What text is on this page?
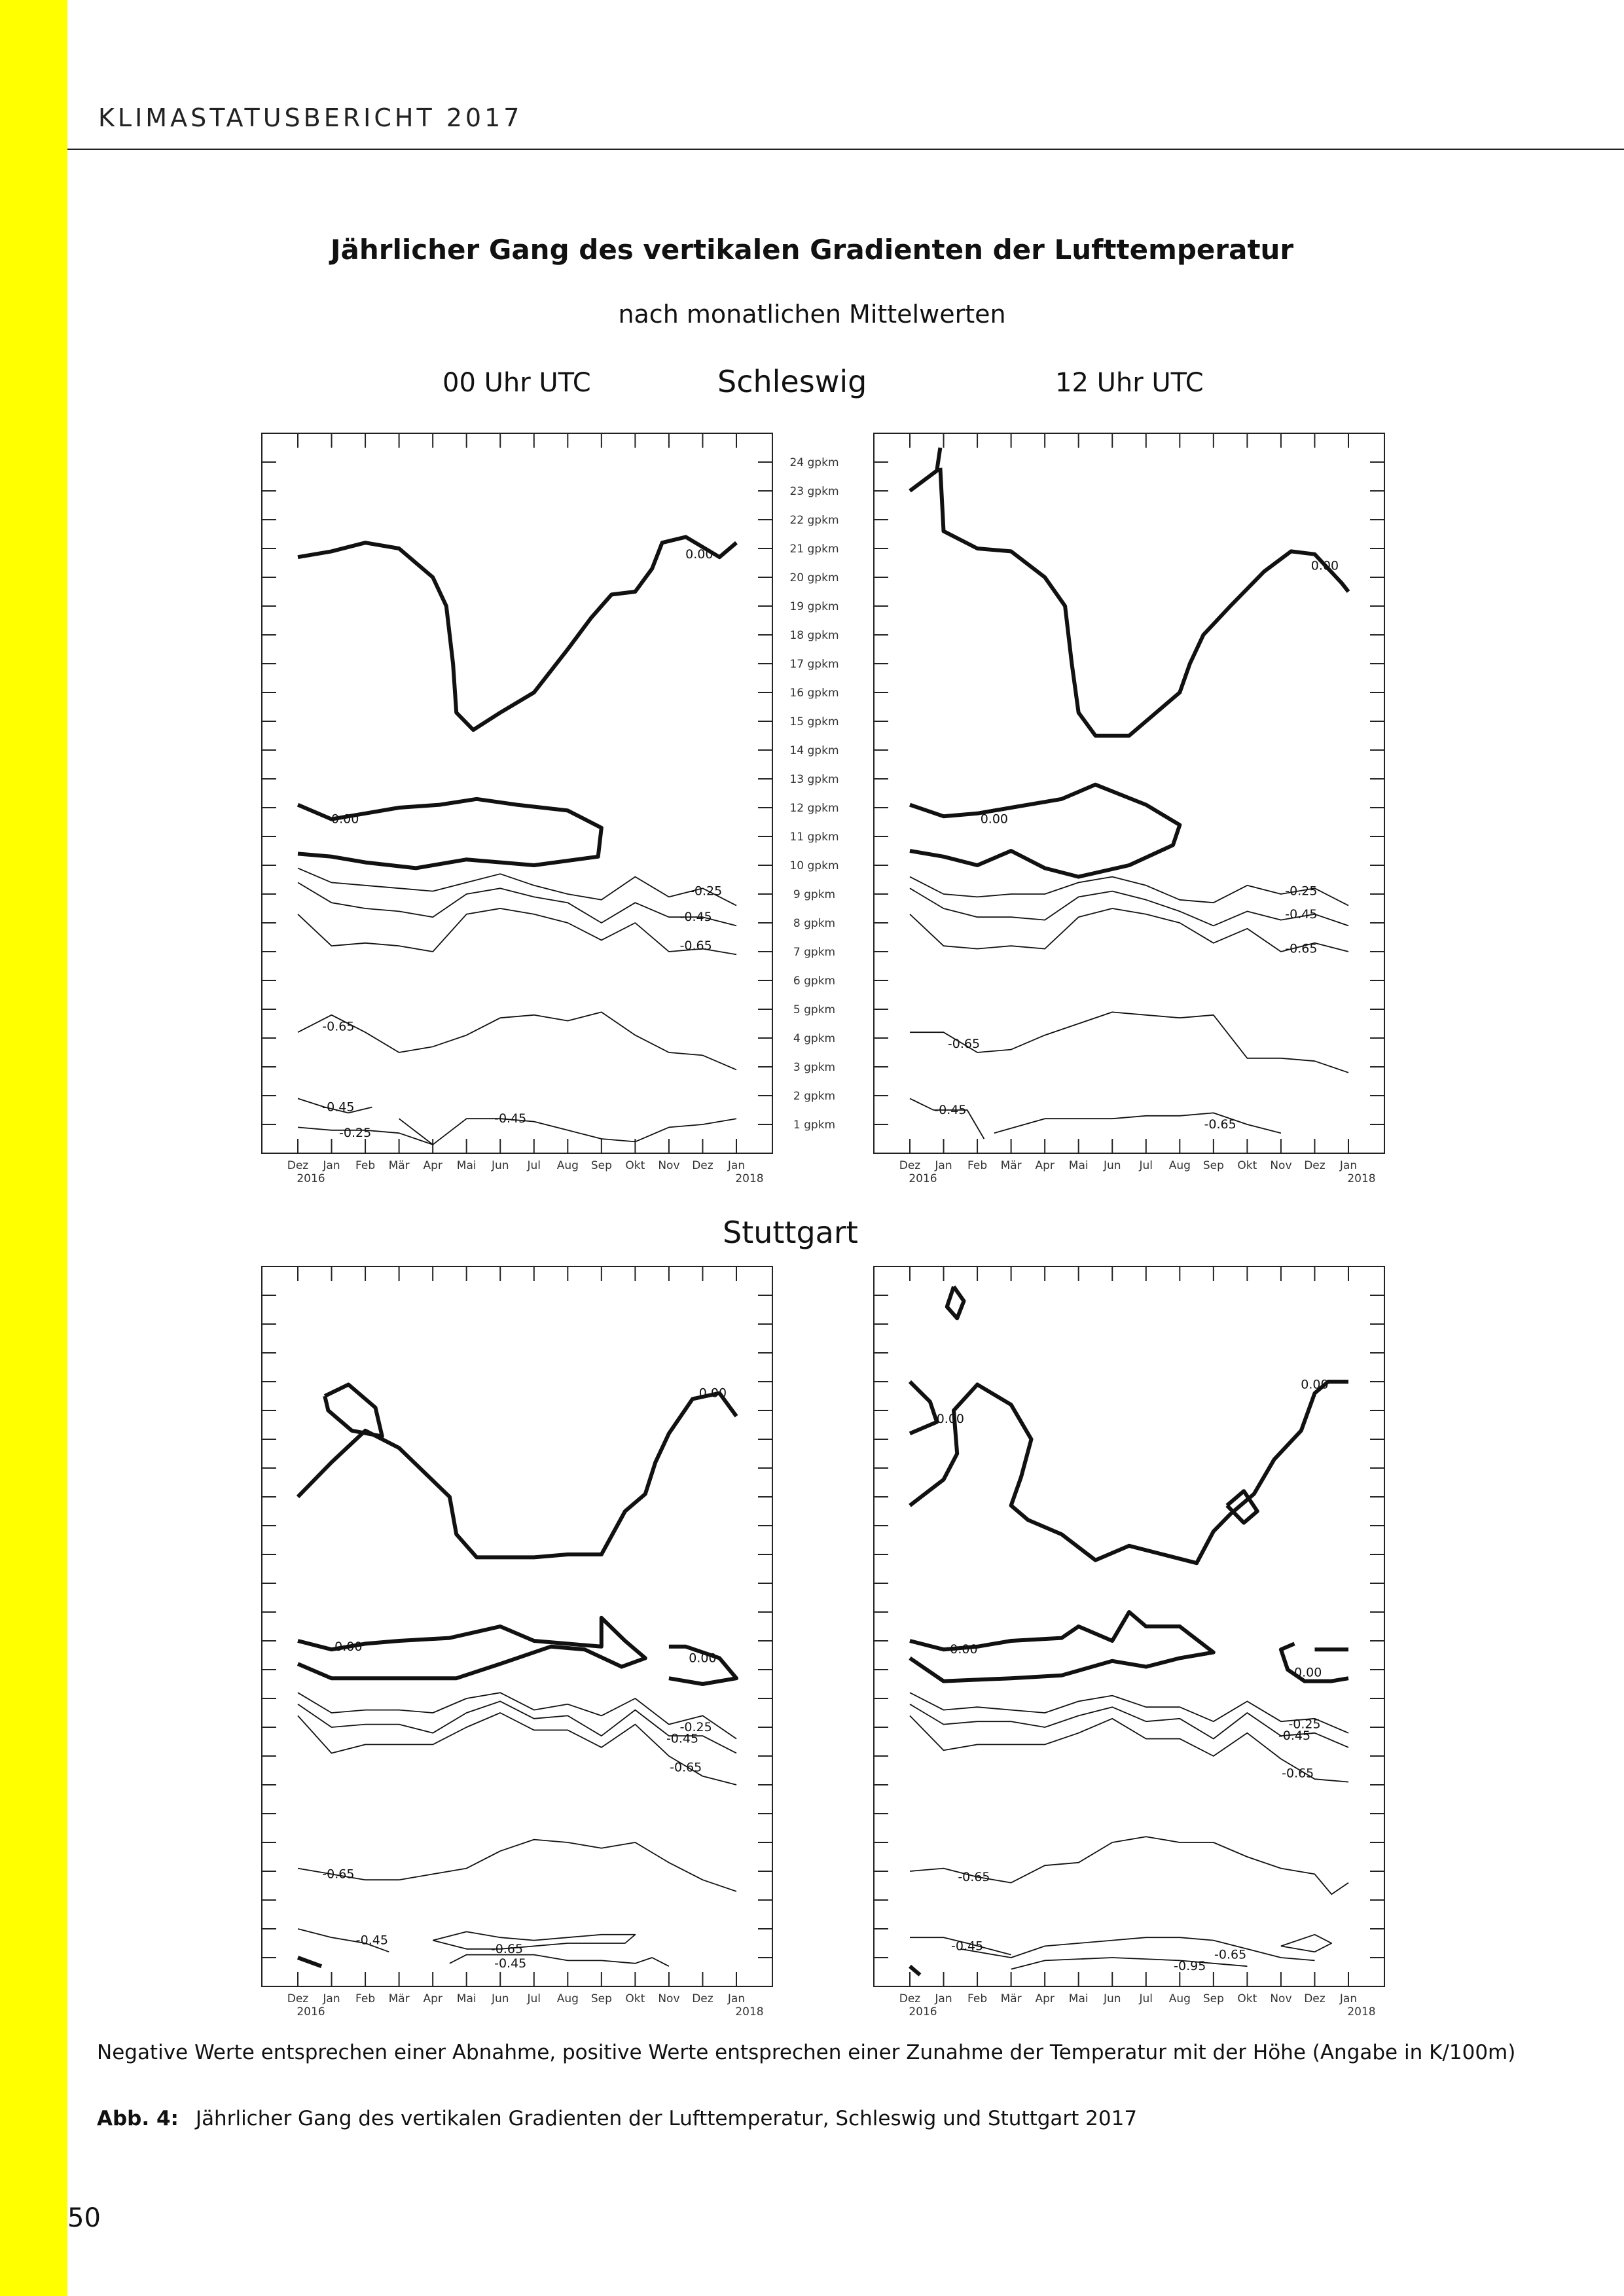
KLIMASTATUSBERICHT 2017
Jährlicher Gang des vertikalen Gradienten der Lufttemperatur
nach monatlichen Mittelwerten
00 Uhr UTC	Schleswig	12 Uhr UTC
Stuttgart
Dez Jan Feb Mär Apr Mai Jun Jul Aug Sep Okt Nov Dez Jan
2016	2018
24 gpkm
23 gpkm
22 gpkm
21 gpkm
20 gpkm
19 gpkm
18 gpkm
17 gpkm
16 gpkm
15 gpkm
14 gpkm
13 gpkm
12 gpkm
11 gpkm
10 gpkm
9 gpkm
8 gpkm
7 gpkm
6 gpkm
5 gpkm
4 gpkm
3 gpkm
2 gpkm
1 gpkm
0.00
0.00
-0.25
-0.45
-0.65
-0.65
-0.45
-0.25
-0.45
Dez Jan Feb Mär Apr Mai Jun Jul Aug Sep Okt Nov Dez Jan
2016	2018
0.00
0.00
-0.25
-0.45
-0.65
-0.65
-0.45
-0.65
Dez Jan Feb Mär Apr Mai Jun Jul Aug Sep Okt Nov Dez Jan
2016	2018
0.00
0.00
0.00
-0.25
-0.45
-0.65
-0.65
-0.45
-0.65
-0.45
Dez Jan Feb Mär Apr Mai Jun Jul Aug Sep Okt Nov Dez Jan
2016	2018
0.00
0.00
0.00
0.00
-0.25
-0.45
-0.65
-0.65
-0.45
-0.65
-0.95
Negative Werte entsprechen einer Abnahme, positive Werte entsprechen einer Zunahme der Temperatur mit der Höhe (Angabe in K/100m)
Abb. 4: Jährlicher Gang des vertikalen Gradienten der Lufttemperatur, Schleswig und Stuttgart 2017
50
